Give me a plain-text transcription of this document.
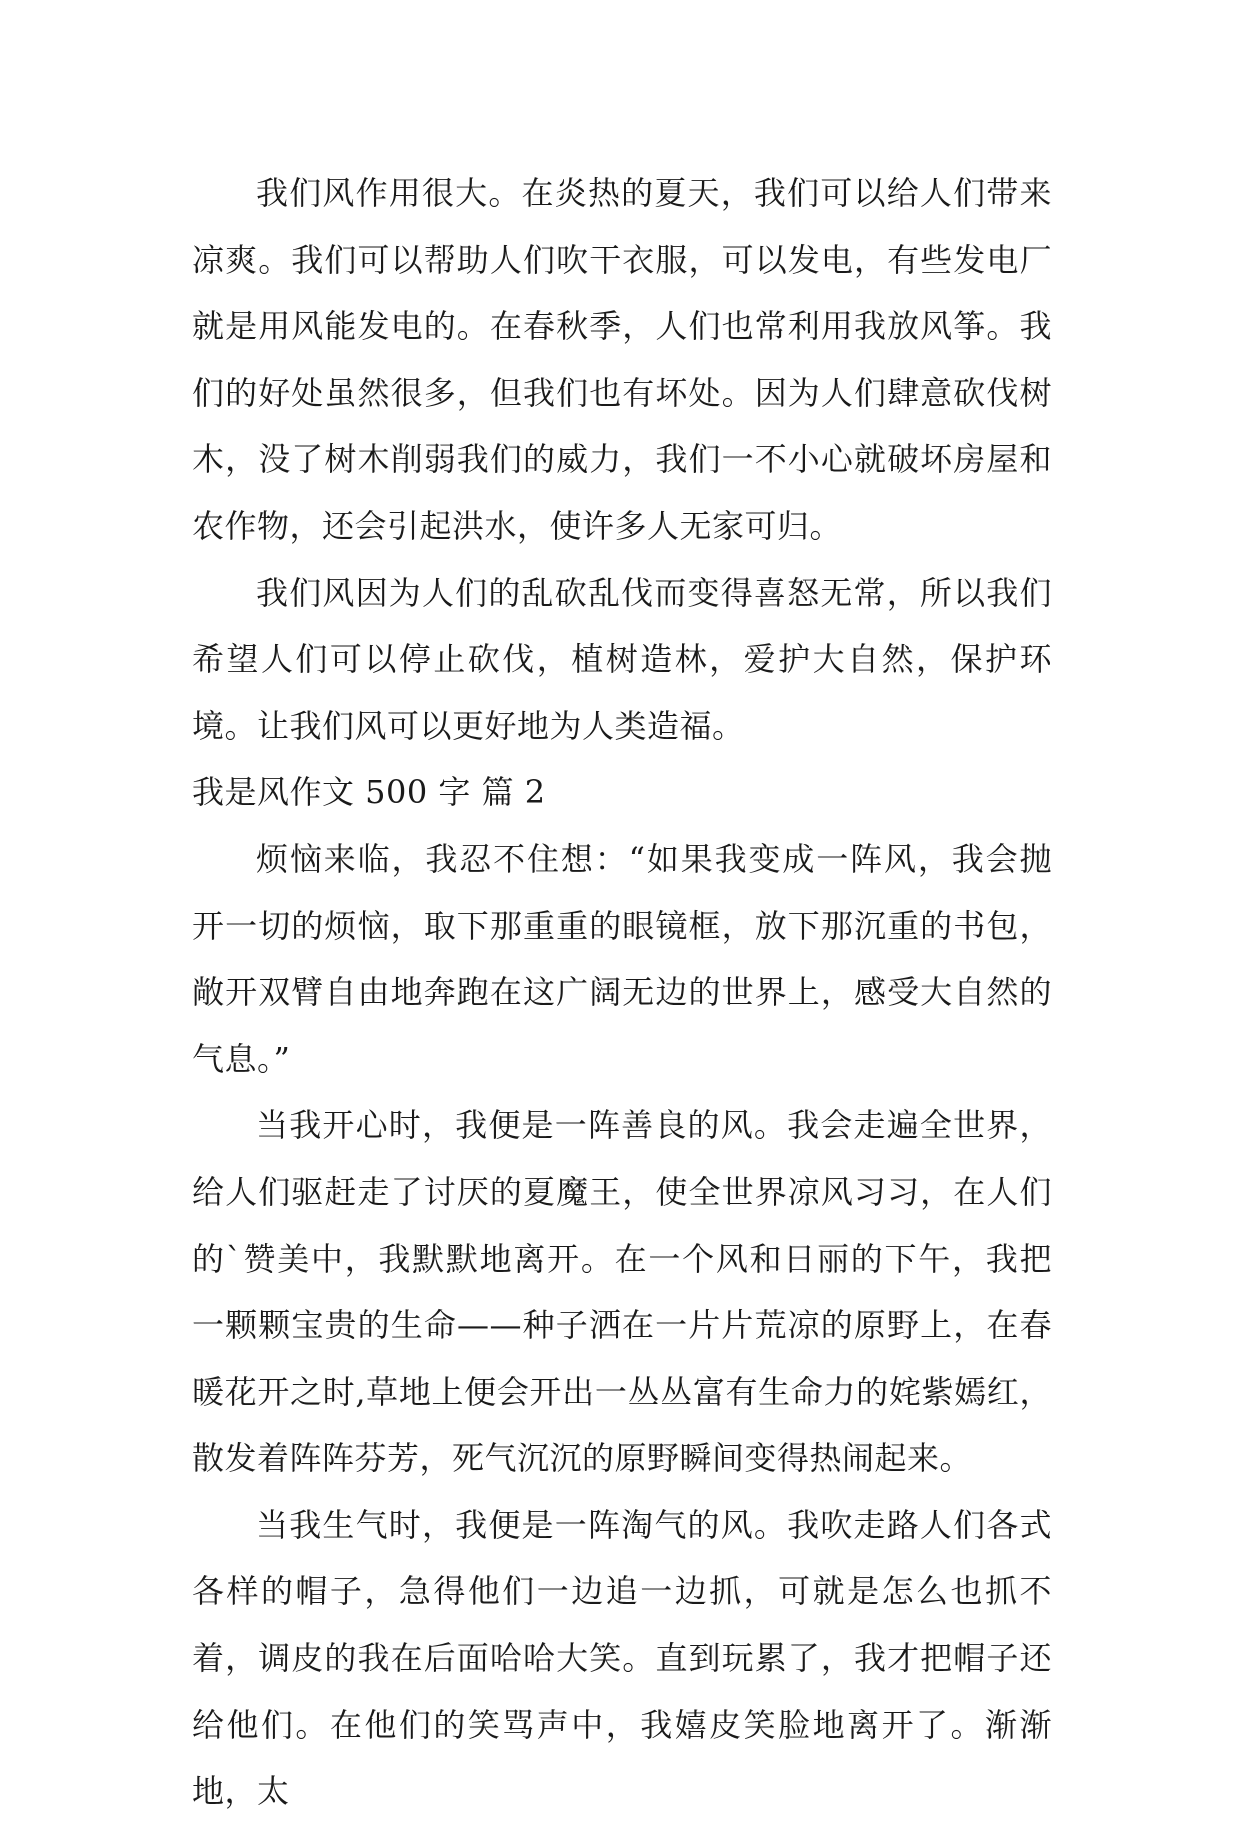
我们风作用很大。在炎热的夏天，我们可以给人们带来凉爽。我们可以帮助人们吹干衣服，可以发电，有些发电厂就是用风能发电的。在春秋季，人们也常利用我放风筝。我们的好处虽然很多，但我们也有坏处。因为人们肆意砍伐树木，没了树木削弱我们的威力，我们一不小心就破坏房屋和农作物，还会引起洪水，使许多人无家可归。

我们风因为人们的乱砍乱伐而变得喜怒无常，所以我们希望人们可以停止砍伐，植树造林，爱护大自然，保护环境。让我们风可以更好地为人类造福。

我是风作文 500 字 篇 2

烦恼来临，我忍不住想：“如果我变成一阵风，我会抛开一切的烦恼，取下那重重的眼镜框，放下那沉重的书包，敞开双臂自由地奔跑在这广阔无边的世界上，感受大自然的气息。”

当我开心时，我便是一阵善良的风。我会走遍全世界，给人们驱赶走了讨厌的夏魔王，使全世界凉风习习，在人们的`赞美中，我默默地离开。在一个风和日丽的下午，我把一颗颗宝贵的生命——种子洒在一片片荒凉的原野上，在春暖花开之时,草地上便会开出一丛丛富有生命力的姹紫嫣红，散发着阵阵芬芳，死气沉沉的原野瞬间变得热闹起来。

当我生气时，我便是一阵淘气的风。我吹走路人们各式各样的帽子，急得他们一边追一边抓，可就是怎么也抓不着，调皮的我在后面哈哈大笑。直到玩累了，我才把帽子还给他们。在他们的笑骂声中，我嬉皮笑脸地离开了。渐渐地，太
